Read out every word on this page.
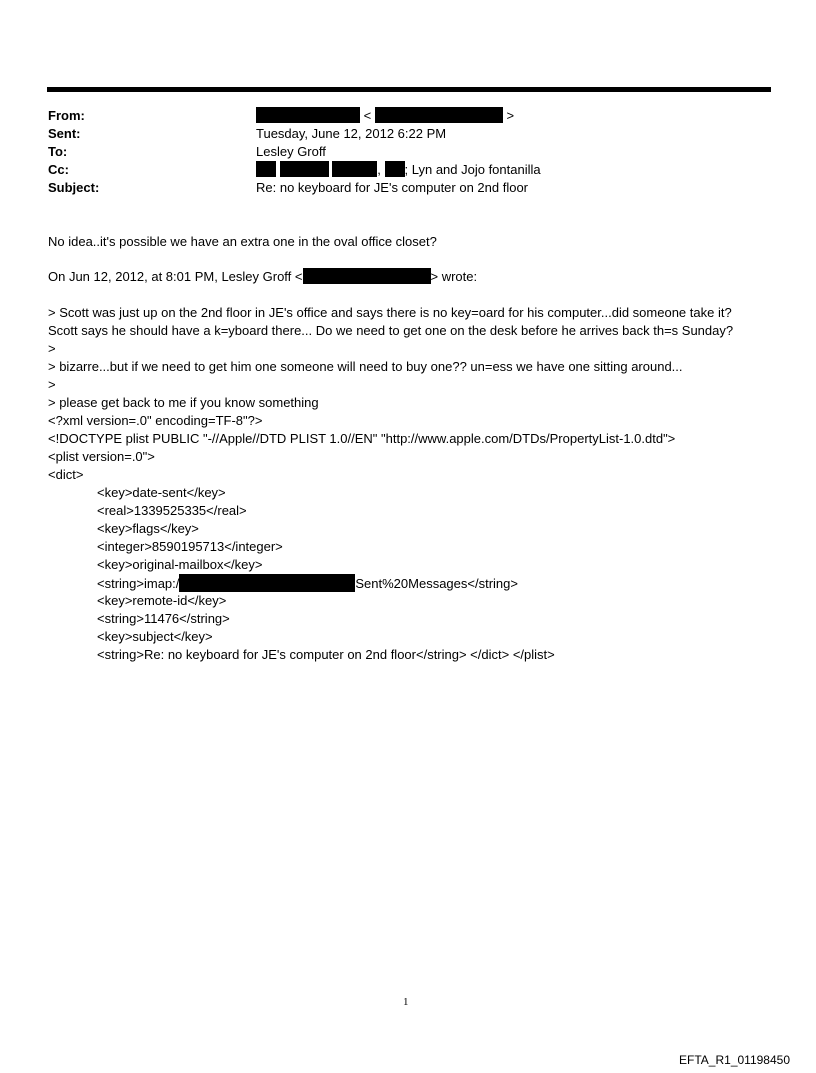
From:	<	>
Sent:	Tuesday, June 12, 2012 6:22 PM
To:	Lesley Groff
Cc:	, ; Lyn and Jojo fontanilla
Subject:	Re: no keyboard for JE's computer on 2nd floor
No idea..it's possible we have an extra one in the oval office closet?
On Jun 12, 2012, at 8:01 PM, Lesley Groff <	> wrote:
> Scott was just up on the 2nd floor in JE's office and says there is no key=oard for his computer...did someone take it?
Scott says he should have a k=yboard there... Do we need to get one on the desk before he arrives back th=s Sunday?
>
> bizarre...but if we need to get him one someone will need to buy one?? un=ess we have one sitting around...
>
> please get back to me if you know something
<?xml version=.0" encoding=TF-8"?>
<!DOCTYPE plist PUBLIC "-//Apple//DTD PLIST 1.0//EN" "http://www.apple.com/DTDs/PropertyList-1.0.dtd">
<plist version=.0">
<dict>
<key>date-sent</key>
<real>1339525335</real>
<key>flags</key>
<integer>8590195713</integer>
<key>original-mailbox</key>
<string>imap:/	Sent%20Messages</string>
<key>remote-id</key>
<string>11476</string>
<key>subject</key>
<string>Re: no keyboard for JE's computer on 2nd floor</string> </dict> </plist>
1
EFTA_R1_01198450
